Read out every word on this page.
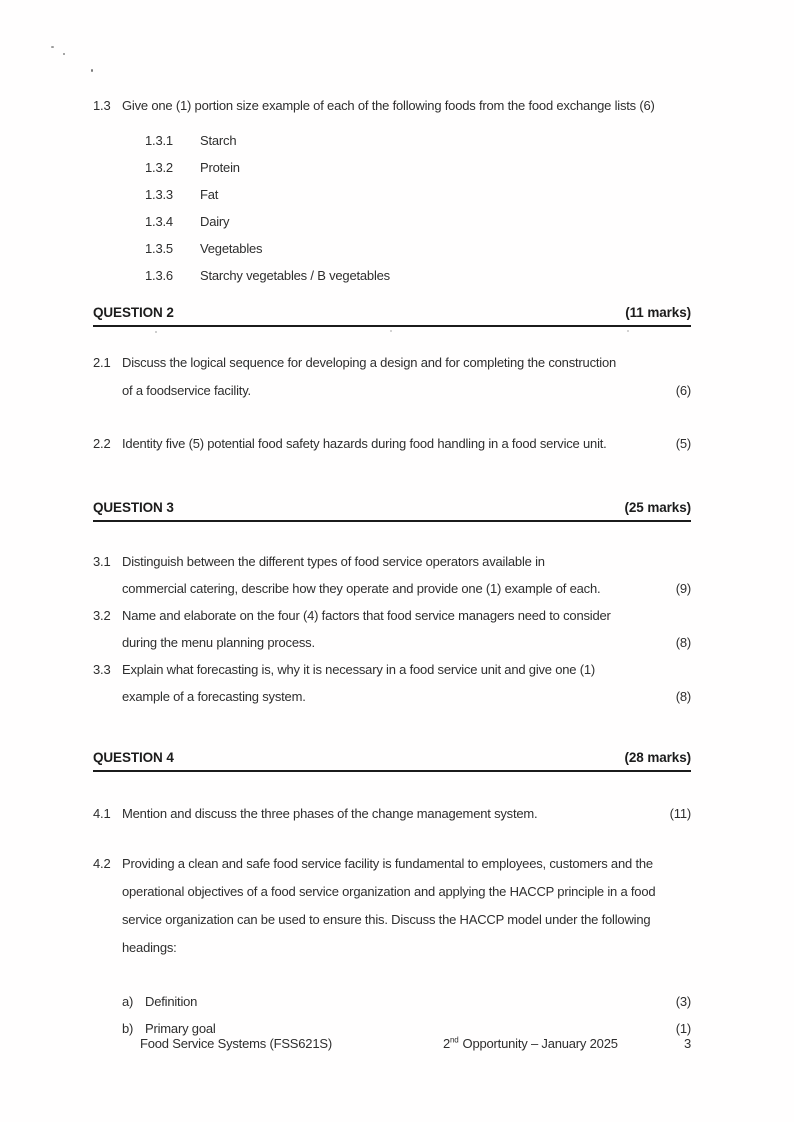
1.3 Give one (1) portion size example of each of the following foods from the food exchange lists (6)
1.3.1 Starch
1.3.2 Protein
1.3.3 Fat
1.3.4 Dairy
1.3.5 Vegetables
1.3.6 Starchy vegetables / B vegetables
QUESTION 2	(11 marks)
2.1 Discuss the logical sequence for developing a design and for completing the construction
of a foodservice facility.	(6)
2.2 Identity five (5) potential food safety hazards during food handling in a food service unit.	(5)
QUESTION 3	(25 marks)
3.1 Distinguish between the different types of food service operators available in
commercial catering, describe how they operate and provide one (1) example of each.	(9)
3.2 Name and elaborate on the four (4) factors that food service managers need to consider
during the menu planning process.	(8)
3.3 Explain what forecasting is, why it is necessary in a food service unit and give one (1)
example of a forecasting system.	(8)
QUESTION 4	(28 marks)
4.1 Mention and discuss the three phases of the change management system.	(11)
4.2 Providing a clean and safe food service facility is fundamental to employees, customers and the
operational objectives of a food service organization and applying the HACCP principle in a food
service organization can be used to ensure this. Discuss the HACCP model under the following
headings:
a) Definition	(3)
b) Primary goal	(1)
Food Service Systems (FSS621S)	2nd Opportunity – January 2025	3
